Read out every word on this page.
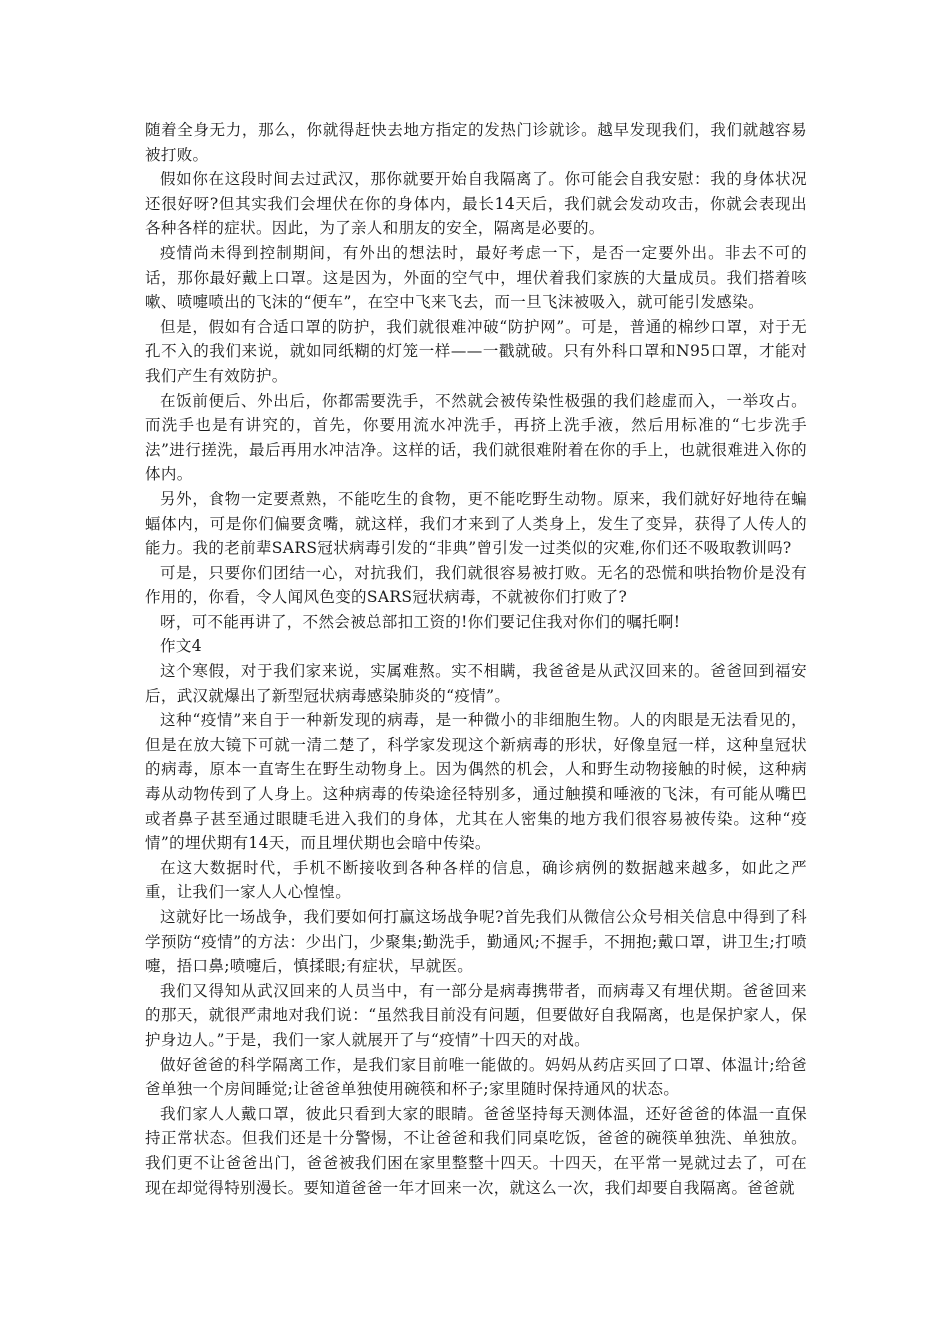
随着全身无力，那么，你就得赶快去地方指定的发热门诊就诊。越早发现我们，我们就越容易被打败。

假如你在这段时间去过武汉，那你就要开始自我隔离了。你可能会自我安慰：我的身体状况还很好呀?但其实我们会埋伏在你的身体内，最长14天后，我们就会发动攻击，你就会表现出各种各样的症状。因此，为了亲人和朋友的安全，隔离是必要的。

疫情尚未得到控制期间，有外出的想法时，最好考虑一下，是否一定要外出。非去不可的话，那你最好戴上口罩。这是因为，外面的空气中，埋伏着我们家族的大量成员。我们搭着咳嗽、喷嚏喷出的飞沫的“便车”，在空中飞来飞去，而一旦飞沫被吸入，就可能引发感染。

但是，假如有合适口罩的防护，我们就很难冲破“防护网”。可是，普通的棉纱口罩，对于无孔不入的我们来说，就如同纸糊的灯笼一样——一戳就破。只有外科口罩和N95口罩，才能对我们产生有效防护。

在饭前便后、外出后，你都需要洗手，不然就会被传染性极强的我们趁虚而入，一举攻占。而洗手也是有讲究的，首先，你要用流水冲洗手，再挤上洗手液，然后用标准的“七步洗手法”进行搓洗，最后再用水冲洁净。这样的话，我们就很难附着在你的手上，也就很难进入你的体内。

另外，食物一定要煮熟，不能吃生的食物，更不能吃野生动物。原来，我们就好好地待在蝙蝠体内，可是你们偏要贪嘴，就这样，我们才来到了人类身上，发生了变异，获得了人传人的能力。我的老前辈SARS冠状病毒引发的“非典”曾引发一过类似的灾难,你们还不吸取教训吗?

可是，只要你们团结一心，对抗我们，我们就很容易被打败。无名的恐慌和哄抬物价是没有作用的，你看，令人闻风色变的SARS冠状病毒，不就被你们打败了?

呀，可不能再讲了，不然会被总部扣工资的!你们要记住我对你们的嘱托啊!

作文4

这个寒假，对于我们家来说，实属难熬。实不相瞒，我爸爸是从武汉回来的。爸爸回到福安后，武汉就爆出了新型冠状病毒感染肺炎的“疫情”。

这种“疫情”来自于一种新发现的病毒，是一种微小的非细胞生物。人的肉眼是无法看见的，但是在放大镜下可就一清二楚了，科学家发现这个新病毒的形状，好像皇冠一样，这种皇冠状的病毒，原本一直寄生在野生动物身上。因为偶然的机会，人和野生动物接触的时候，这种病毒从动物传到了人身上。这种病毒的传染途径特别多，通过触摸和唾液的飞沫，有可能从嘴巴或者鼻子甚至通过眼睫毛进入我们的身体，尤其在人密集的地方我们很容易被传染。这种“疫情”的埋伏期有14天，而且埋伏期也会暗中传染。

在这大数据时代，手机不断接收到各种各样的信息，确诊病例的数据越来越多，如此之严重，让我们一家人人心惶惶。

这就好比一场战争，我们要如何打赢这场战争呢?首先我们从微信公众号相关信息中得到了科学预防“疫情”的方法：少出门，少聚集;勤洗手，勤通风;不握手，不拥抱;戴口罩，讲卫生;打喷嚏，捂口鼻;喷嚏后，慎揉眼;有症状，早就医。

我们又得知从武汉回来的人员当中，有一部分是病毒携带者，而病毒又有埋伏期。爸爸回来的那天，就很严肃地对我们说：“虽然我目前没有问题，但要做好自我隔离，也是保护家人，保护身边人。”于是，我们一家人就展开了与“疫情”十四天的对战。

做好爸爸的科学隔离工作，是我们家目前唯一能做的。妈妈从药店买回了口罩、体温计;给爸爸单独一个房间睡觉;让爸爸单独使用碗筷和杯子;家里随时保持通风的状态。

我们家人人戴口罩，彼此只看到大家的眼睛。爸爸坚持每天测体温，还好爸爸的体温一直保持正常状态。但我们还是十分警惕，不让爸爸和我们同桌吃饭，爸爸的碗筷单独洗、单独放。我们更不让爸爸出门，爸爸被我们困在家里整整十四天。十四天，在平常一晃就过去了，可在现在却觉得特别漫长。要知道爸爸一年才回来一次，就这么一次，我们却要自我隔离。爸爸就
